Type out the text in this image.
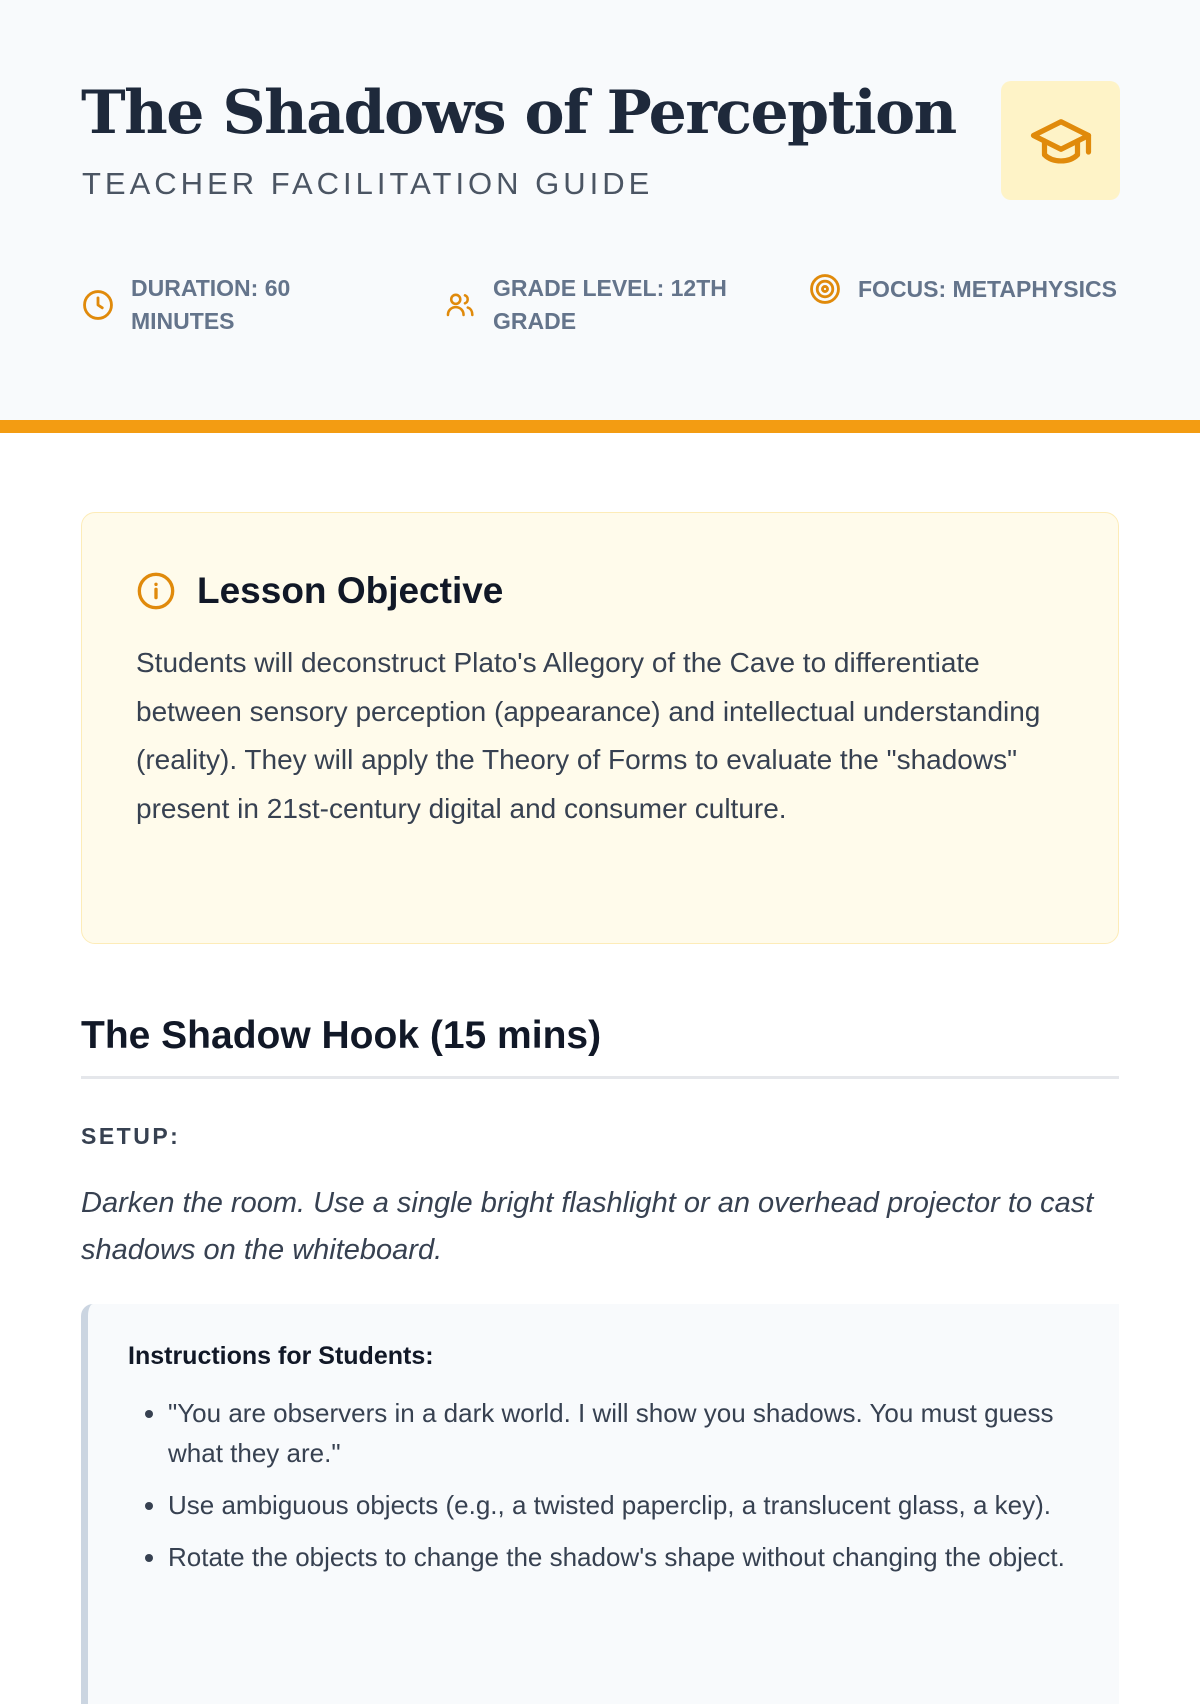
The Shadows of Perception
TEACHER FACILITATION GUIDE
DURATION: 60 MINUTES
GRADE LEVEL: 12TH GRADE
FOCUS: METAPHYSICS
Lesson Objective

Students will deconstruct Plato's Allegory of the Cave to differentiate between sensory perception (appearance) and intellectual understanding (reality). They will apply the Theory of Forms to evaluate the "shadows" present in 21st-century digital and consumer culture.

The Shadow Hook (15 mins)
SETUP:

Darken the room. Use a single bright flashlight or an overhead projector to cast shadows on the whiteboard.

Instructions for Students:

• "You are observers in a dark world. I will show you shadows. You must guess what they are."
• Use ambiguous objects (e.g., a twisted paperclip, a translucent glass, a key).
• Rotate the objects to change the shadow's shape without changing the object.
